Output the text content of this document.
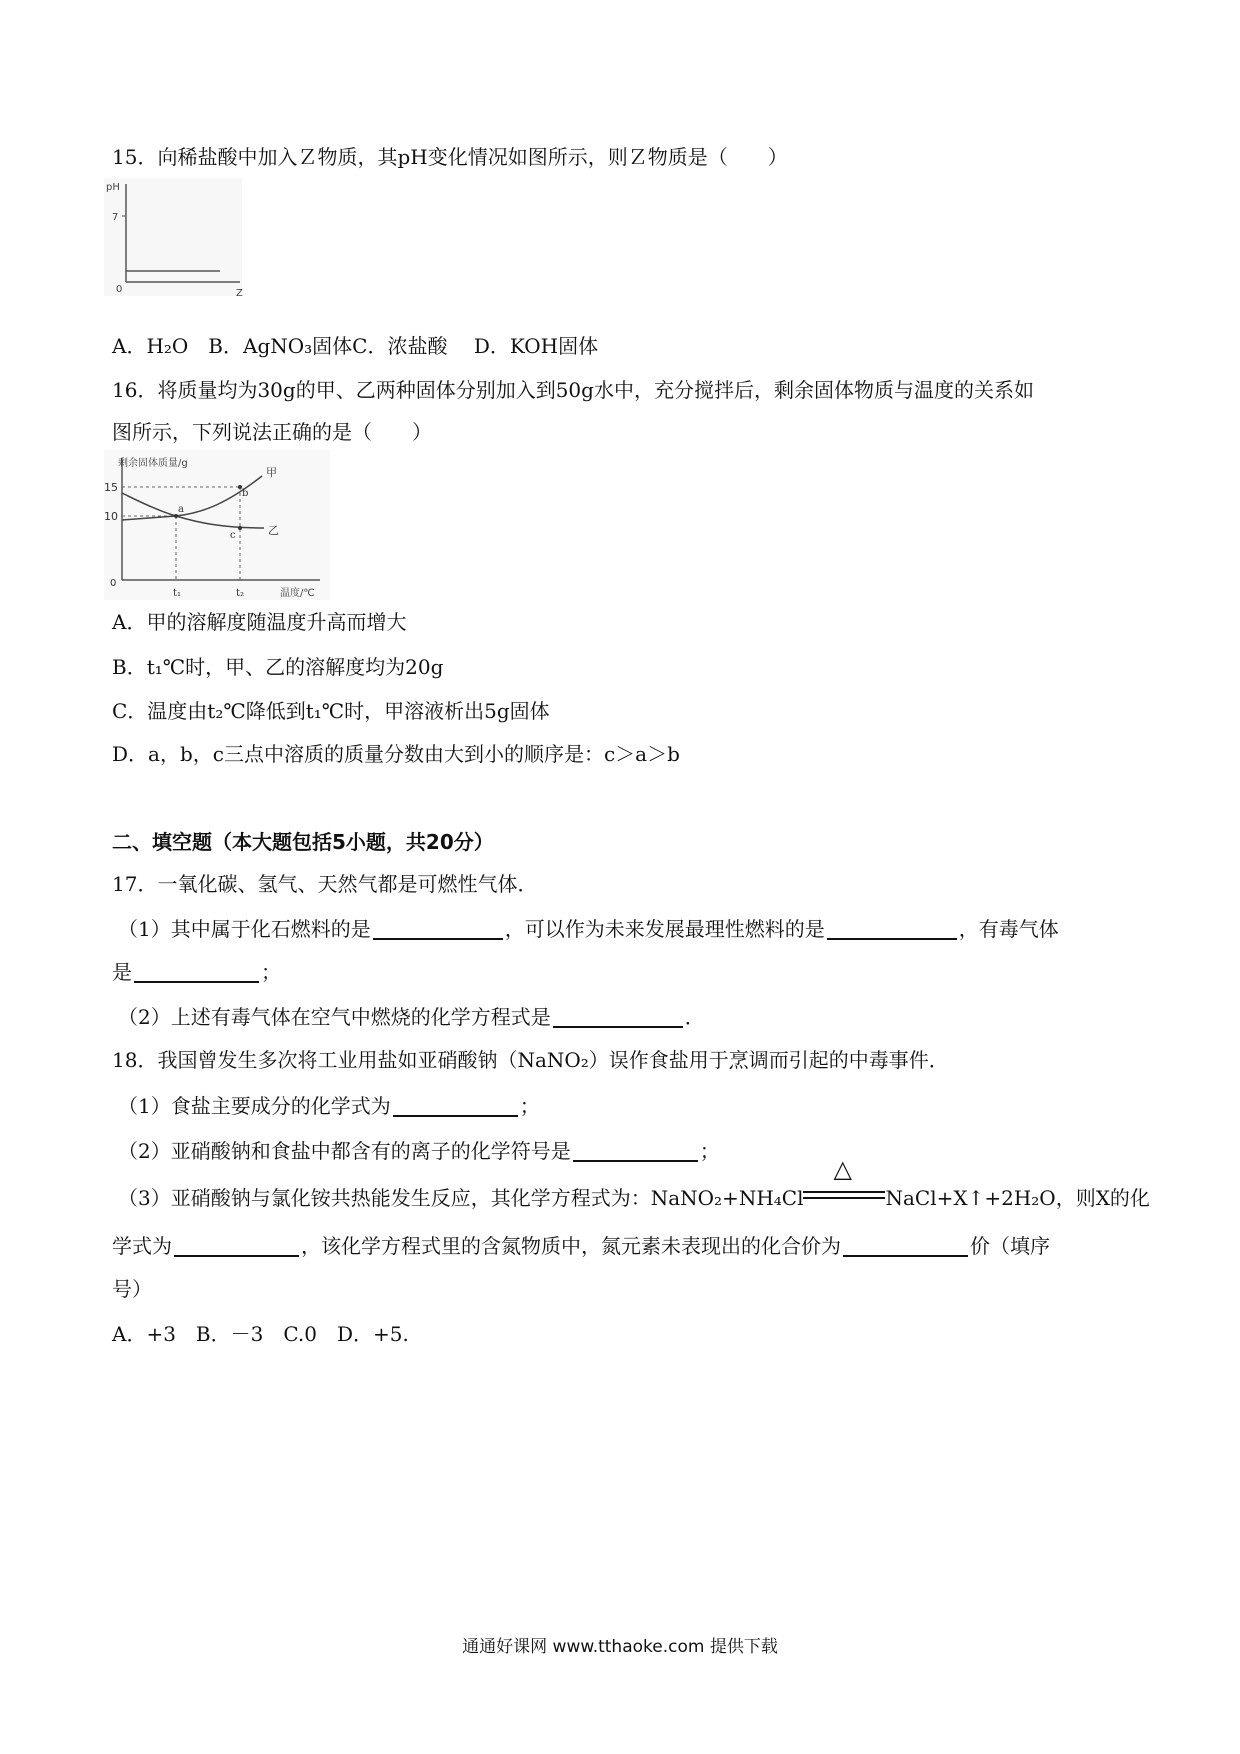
15．向稀盐酸中加入Ｚ物质，其pH变化情况如图所示，则Ｚ物质是（　　）
pH
7
0	Z
A．H₂O　B．AgNO₃固体C．浓盐酸　 D．KOH固体
16．将质量均为30g的甲、乙两种固体分别加入到50g水中，充分搅拌后，剩余固体物质与温度的关系如
图所示，下列说法正确的是（　　）
剩余固体质量/g
15
10
0
t₁	t₂	温度/℃
甲
乙
a
b
c
A．甲的溶解度随温度升高而增大
B．t₁℃时，甲、乙的溶解度均为20g
C．温度由t₂℃降低到t₁℃时，甲溶液析出5g固体
D．a，b，c三点中溶质的质量分数由大到小的顺序是：c＞a＞b
二、填空题（本大题包括5小题，共20分）
17．一氧化碳、氢气、天然气都是可燃性气体．
（1）其中属于化石燃料的是	，可以作为未来发展最理性燃料的是	，有毒气体
是	；
（2）上述有毒气体在空气中燃烧的化学方程式是	．
18．我国曾发生多次将工业用盐如亚硝酸钠（NaNO₂）误作食盐用于烹调而引起的中毒事件．
（1）食盐主要成分的化学式为	；
（2）亚硝酸钠和食盐中都含有的离子的化学符号是	；
（3）亚硝酸钠与氯化铵共热能发生反应，其化学方程式为：NaNO₂+NH₄Cl
△
NaCl+X↑+2H₂O，则X的化
学式为	，该化学方程式里的含氮物质中，氮元素未表现出的化合价为	价（填序
号）
A．+3　B．－3　C.0　D．+5.
通通好课网 www.tthaoke.com 提供下载
